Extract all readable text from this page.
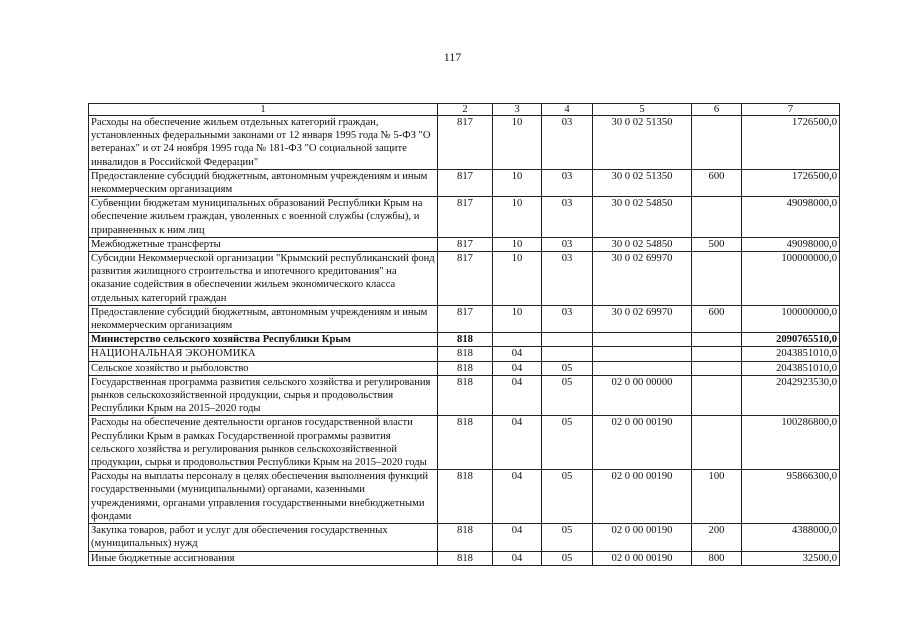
117
1	2	3	4	5	6	7
Расходы на обеспечение жильем отдельных категорий граждан, установленных федеральными законами от 12 января 1995 года № 5-ФЗ "О ветеранах" и от 24 ноября 1995 года № 181-ФЗ "О социальной защите инвалидов в Российской Федерации"	817	10	03	30 0 02 51350		1726500,0
Предоставление субсидий бюджетным, автономным учреждениям и иным некоммерческим организациям	817	10	03	30 0 02 51350	600	1726500,0
Субвенции бюджетам муниципальных образований Республики Крым на обеспечение жильем граждан, уволенных с военной службы (службы), и приравненных к ним лиц	817	10	03	30 0 02 54850		49098000,0
Межбюджетные трансферты	817	10	03	30 0 02 54850	500	49098000,0
Субсидии Некоммерческой организации "Крымский республиканский фонд развития жилищного строительства и ипотечного кредитования" на оказание содействия в обеспечении жильем экономического класса отдельных категорий граждан	817	10	03	30 0 02 69970		100000000,0
Предоставление субсидий бюджетным, автономным учреждениям и иным некоммерческим организациям	817	10	03	30 0 02 69970	600	100000000,0
Министерство сельского хозяйства Республики Крым	818					2090765510,0
НАЦИОНАЛЬНАЯ ЭКОНОМИКА	818	04				2043851010,0
Сельское хозяйство и рыболовство	818	04	05			2043851010,0
Государственная программа развития сельского хозяйства и регулирования рынков сельскохозяйственной продукции, сырья и продовольствия Республики Крым на 2015–2020 годы	818	04	05	02 0 00 00000		2042923530,0
Расходы на обеспечение деятельности органов государственной власти Республики Крым в рамках Государственной программы развития сельского хозяйства и регулирования рынков сельскохозяйственной продукции, сырья и продовольствия Республики Крым на 2015–2020 годы	818	04	05	02 0 00 00190		100286800,0
Расходы на выплаты персоналу в целях обеспечения выполнения функций государственными (муниципальными) органами, казенными учреждениями, органами управления государственными внебюджетными фондами	818	04	05	02 0 00 00190	100	95866300,0
Закупка товаров, работ и услуг для обеспечения государственных (муниципальных) нужд	818	04	05	02 0 00 00190	200	4388000,0
Иные бюджетные ассигнования	818	04	05	02 0 00 00190	800	32500,0
